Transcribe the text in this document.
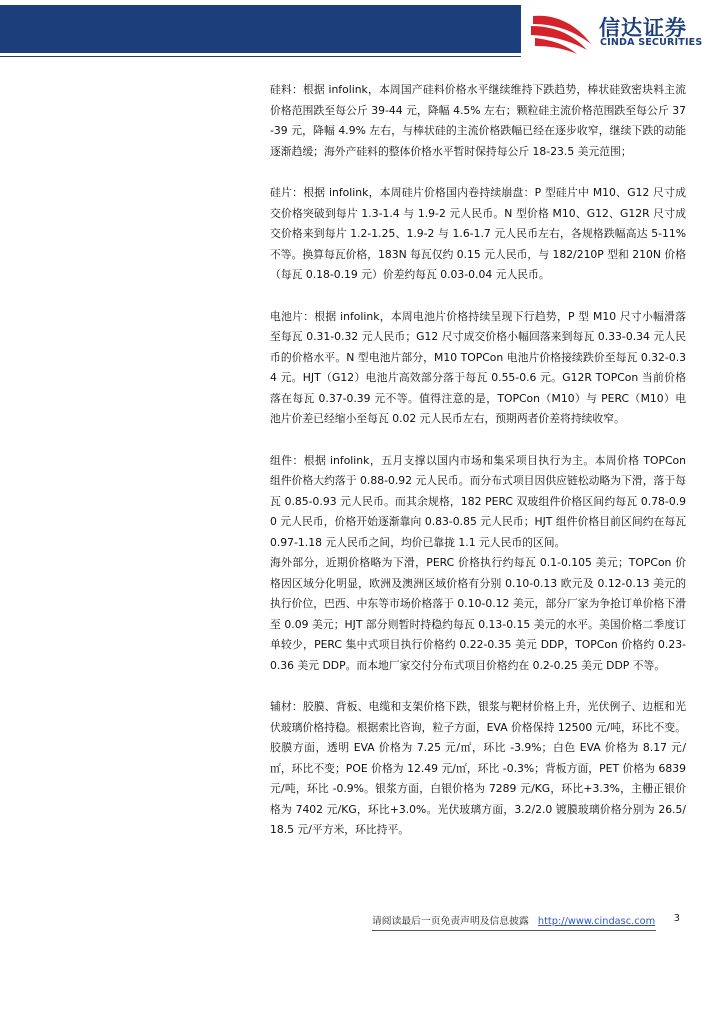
信达证券
CINDA SECURITIES

硅料：根据 infolink，本周国产硅料价格水平继续维持下跌趋势，棒状硅致密块料主流价格范围跌至每公斤 39-44 元，降幅 4.5% 左右；颗粒硅主流价格范围跌至每公斤 37-39 元，降幅 4.9% 左右，与棒状硅的主流价格跌幅已经在逐步收窄，继续下跌的动能逐渐趋缓；海外产硅料的整体价格水平暂时保持每公斤 18-23.5 美元范围；

硅片：根据 infolink，本周硅片价格国内卷持续崩盘：P 型硅片中 M10、G12 尺寸成交价格突破到每片 1.3-1.4 与 1.9-2 元人民币。N 型价格 M10、G12、G12R 尺寸成交价格来到每片 1.2-1.25、1.9-2 与 1.6-1.7 元人民币左右，各规格跌幅高达 5-11% 不等。换算每瓦价格，183N 每瓦仅约 0.15 元人民币，与 182/210P 型和 210N 价格（每瓦 0.18-0.19 元）价差约每瓦 0.03-0.04 元人民币。

电池片：根据 infolink，本周电池片价格持续呈现下行趋势，P 型 M10 尺寸小幅滑落至每瓦 0.31-0.32 元人民币；G12 尺寸成交价格小幅回落来到每瓦 0.33-0.34 元人民币的价格水平。N 型电池片部分，M10 TOPCon 电池片价格接续跌价至每瓦 0.32-0.34 元。HJT（G12）电池片高效部分落于每瓦 0.55-0.6 元。G12R TOPCon 当前价格落在每瓦 0.37-0.39 元不等。值得注意的是，TOPCon（M10）与 PERC（M10）电池片价差已经缩小至每瓦 0.02 元人民币左右，预期两者价差将持续收窄。

组件：根据 infolink，五月支撑以国内市场和集采项目执行为主。本周价格 TOPCon 组件价格大约落于 0.88-0.92 元人民币。而分布式项目因供应链松动略为下滑，落于每瓦 0.85-0.93 元人民币。而其余规格，182 PERC 双玻组件价格区间约每瓦 0.78-0.90 元人民币，价格开始逐渐靠向 0.83-0.85 元人民币；HJT 组件价格目前区间约在每瓦 0.97-1.18 元人民币之间，均价已靠拢 1.1 元人民币的区间。

海外部分，近期价格略为下滑，PERC 价格执行约每瓦 0.1-0.105 美元；TOPCon 价格因区域分化明显，欧洲及澳洲区域价格有分别 0.10-0.13 欧元及 0.12-0.13 美元的执行价位，巴西、中东等市场价格落于 0.10-0.12 美元，部分厂家为争抢订单价格下滑至 0.09 美元；HJT 部分则暂时持稳约每瓦 0.13-0.15 美元的水平。美国价格二季度订单较少，PERC 集中式项目执行价格约 0.22-0.35 美元 DDP，TOPCon 价格约 0.23-0.36 美元 DDP。而本地厂家交付分布式项目价格约在 0.2-0.25 美元 DDP 不等。

辅材：胶膜、背板、电缆和支架价格下跌，银浆与靶材价格上升，光伏例子、边框和光伏玻璃价格持稳。根据索比咨询，粒子方面，EVA 价格保持 12500 元/吨，环比不变。胶膜方面，透明 EVA 价格为 7.25 元/㎡，环比 -3.9%；白色 EVA 价格为 8.17 元/㎡，环比不变；POE 价格为 12.49 元/㎡，环比 -0.3%；背板方面，PET 价格为 6839 元/吨，环比 -0.9%。银浆方面，白银价格为 7289 元/KG，环比+3.3%，主栅正银价格为 7402 元/KG，环比+3.0%。光伏玻璃方面，3.2/2.0 镀膜玻璃价格分别为 26.5/18.5 元/平方米，环比持平。

请阅读最后一页免责声明及信息披露 http://www.cindasc.com 3
